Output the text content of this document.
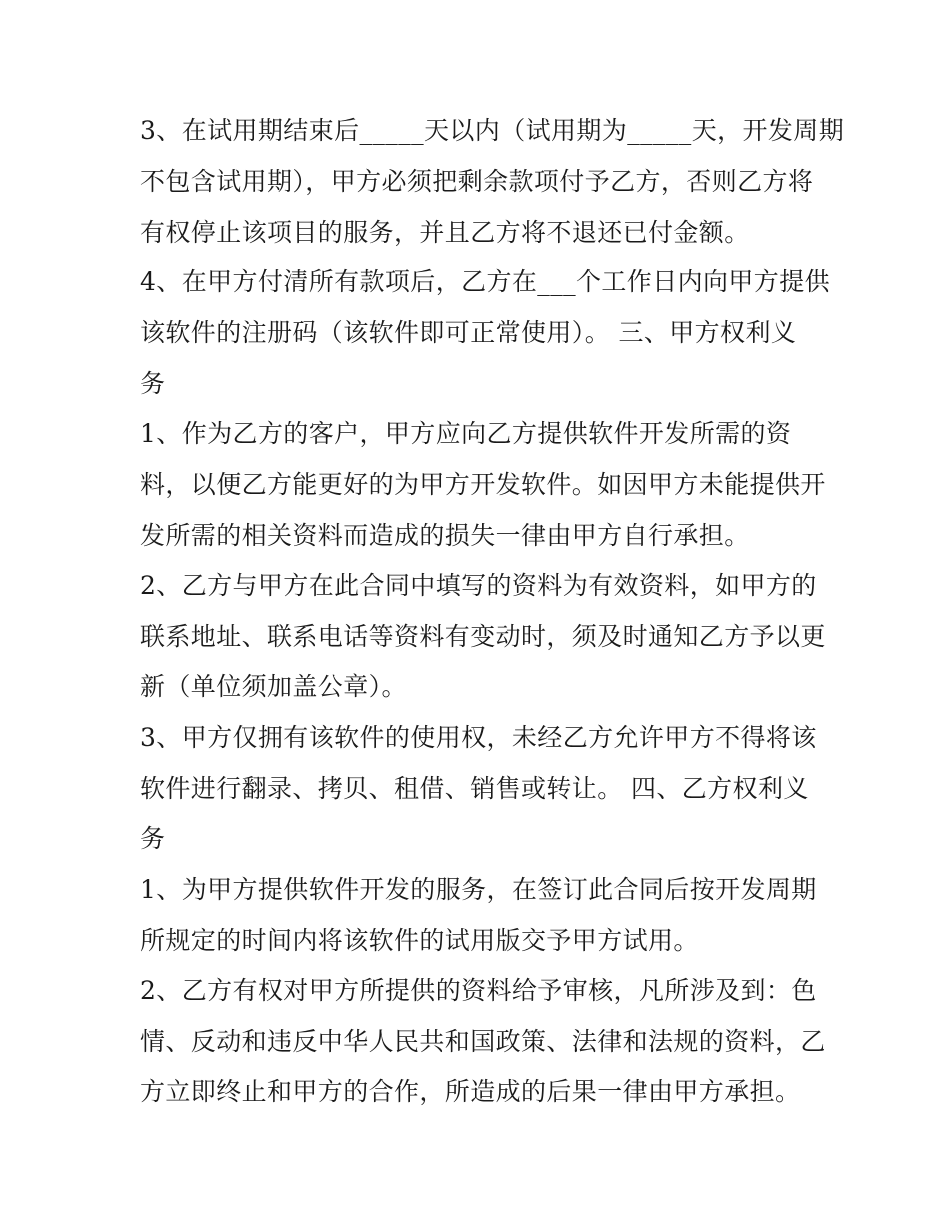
3、在试用期结束后_____天以内（试用期为_____天，开发周期
不包含试用期），甲方必须把剩余款项付予乙方，否则乙方将
有权停止该项目的服务，并且乙方将不退还已付金额。
4、在甲方付清所有款项后，乙方在___个工作日内向甲方提供
该软件的注册码（该软件即可正常使用）。 三、甲方权利义
务
1、作为乙方的客户，甲方应向乙方提供软件开发所需的资
料，以便乙方能更好的为甲方开发软件。如因甲方未能提供开
发所需的相关资料而造成的损失一律由甲方自行承担。
2、乙方与甲方在此合同中填写的资料为有效资料，如甲方的
联系地址、联系电话等资料有变动时，须及时通知乙方予以更
新（单位须加盖公章）。
3、甲方仅拥有该软件的使用权，未经乙方允许甲方不得将该
软件进行翻录、拷贝、租借、销售或转让。 四、乙方权利义
务
1、为甲方提供软件开发的服务，在签订此合同后按开发周期
所规定的时间内将该软件的试用版交予甲方试用。
2、乙方有权对甲方所提供的资料给予审核，凡所涉及到：色
情、反动和违反中华人民共和国政策、法律和法规的资料，乙
方立即终止和甲方的合作，所造成的后果一律由甲方承担。
